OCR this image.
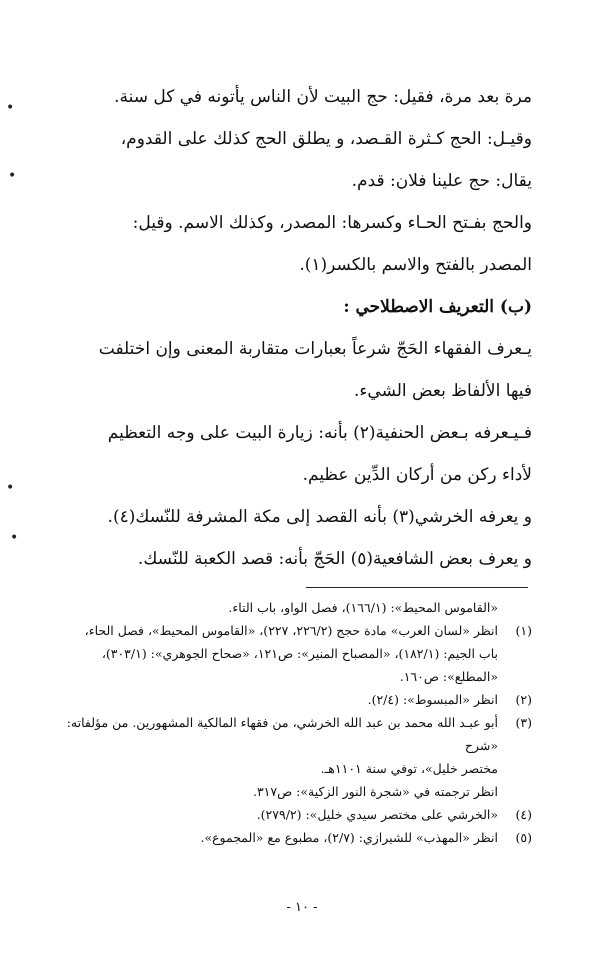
مرة بعد مرة، فقيل: حج البيت لأن الناس يأتونه في كل سنة.

وقيـل: الحج كـثرة القـصد، و يطلق الحج كذلك على القدوم،

يقال: حج علينا فلان: قدم.

والحج بفـتح الحـاء وكسرها: المصدر، وكذلك الاسم. وقيل:

المصدر بالفتح والاسم بالكسر(١).

(ب) التعريف الاصطلاحي :

يـعرف الفقهاء الحَجّ شرعاً بعبارات متقاربة المعنى وإن اختلفت

فيها الألفاظ بعض الشيء.

فـيـعرفه بـعض الحنفية(٢) بأنه: زيارة البيت على وجه التعظيم

لأداء ركن من أركان الدِّين عظيم.

و يعرفه الخرشي(٣) بأنه القصد إلى مكة المشرفة للنّسك(٤).

و يعرف بعض الشافعية(٥) الحَجّ بأنه: قصد الكعبة للنّسك.

«القاموس المحيط»: (١٦٦/١)، فصل الواو، باب التاء.
(١)
انظر «لسان العرب» مادة حجج (٢٢٦/٢، ٢٢٧)، «القاموس المحيط»، فصل الحاء،
باب الجيم: (١٨٢/١)، «المصباح المنير»: ص١٢١، «صحاح الجوهري»: (٣٠٣/١)،
«المطلع»: ص١٦٠.
(٢)
انظر «المبسوط»: (٢/٤).
(٣)
أبو عبـد الله محمد بن عبد الله الخرشي، من فقهاء المالكية المشهورين. من مؤلفاته: «شرح
مختصر خليل»، توفي سنة ١١٠١هـ.
انظر ترجمته في «شجرة النور الزكية»: ص٣١٧.
(٤)
«الخرشي على مختصر سيدي خليل»: (٢٧٩/٢).
(٥)
انظر «المهذب» للشيرازي: (٢/٧)، مطبوع مع «المجموع».
- ١٠ -
•
•
•
•
